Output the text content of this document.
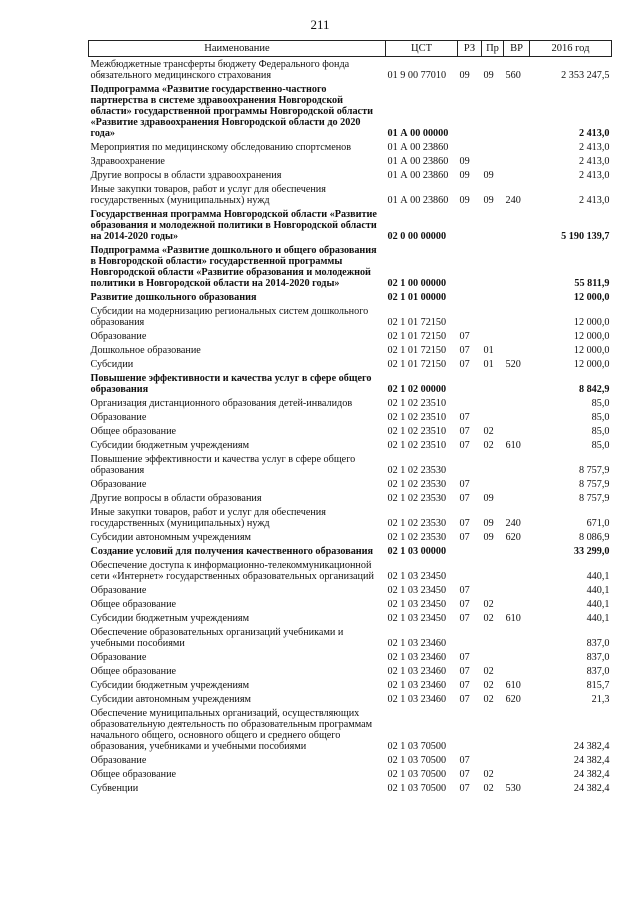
211
Наименование	ЦСТ	РЗ	Пр	ВР	2016 год
Межбюджетные трансферты бюджету Федерального фонда обязательного медицинского страхования	01 9 00 77010	09	09	560	2 353 247,5
Подпрограмма «Развитие государственно-частного партнерства в системе здравоохранения Новгородской области» государственной программы Новгородской области «Развитие здравоохранения Новгородской области до 2020 года»	01 А 00 00000				2 413,0
Мероприятия по медицинскому обследованию спортсменов	01 А 00 23860				2 413,0
Здравоохранение	01 А 00 23860	09			2 413,0
Другие вопросы в области здравоохранения	01 А 00 23860	09	09		2 413,0
Иные закупки товаров, работ и услуг для обеспечения государственных (муниципальных) нужд	01 А 00 23860	09	09	240	2 413,0
Государственная программа Новгородской области «Развитие образования и молодежной политики в Новгородской области на 2014-2020 годы»	02 0 00 00000				5 190 139,7
Подпрограмма «Развитие дошкольного и общего образования в Новгородской области» государственной программы Новгородской области «Развитие образования и молодежной политики в Новгородской области на 2014-2020 годы»	02 1 00 00000				55 811,9
Развитие дошкольного образования	02 1 01 00000				12 000,0
Субсидии на модернизацию региональных систем дошкольного образования	02 1 01 72150				12 000,0
Образование	02 1 01 72150	07			12 000,0
Дошкольное образование	02 1 01 72150	07	01		12 000,0
Субсидии	02 1 01 72150	07	01	520	12 000,0
Повышение эффективности и качества услуг в сфере общего образования	02 1 02 00000				8 842,9
Организация дистанционного образования детей-инвалидов	02 1 02 23510				85,0
Образование	02 1 02 23510	07			85,0
Общее образование	02 1 02 23510	07	02		85,0
Субсидии бюджетным учреждениям	02 1 02 23510	07	02	610	85,0
Повышение эффективности и качества услуг в сфере общего образования	02 1 02 23530				8 757,9
Образование	02 1 02 23530	07			8 757,9
Другие вопросы в области образования	02 1 02 23530	07	09		8 757,9
Иные закупки товаров, работ и услуг для обеспечения государственных (муниципальных) нужд	02 1 02 23530	07	09	240	671,0
Субсидии автономным учреждениям	02 1 02 23530	07	09	620	8 086,9
Создание условий для получения качественного образования	02 1 03 00000				33 299,0
Обеспечение доступа к информационно-телекоммуникационной сети «Интернет» государственных образовательных организаций	02 1 03 23450				440,1
Образование	02 1 03 23450	07			440,1
Общее образование	02 1 03 23450	07	02		440,1
Субсидии бюджетным учреждениям	02 1 03 23450	07	02	610	440,1
Обеспечение образовательных организаций учебниками и учебными пособиями	02 1 03 23460				837,0
Образование	02 1 03 23460	07			837,0
Общее образование	02 1 03 23460	07	02		837,0
Субсидии бюджетным учреждениям	02 1 03 23460	07	02	610	815,7
Субсидии автономным учреждениям	02 1 03 23460	07	02	620	21,3
Обеспечение муниципальных организаций, осуществляющих образовательную деятельность по образовательным программам начального общего, основного общего и среднего общего образования, учебниками и учебными пособиями	02 1 03 70500				24 382,4
Образование	02 1 03 70500	07			24 382,4
Общее образование	02 1 03 70500	07	02		24 382,4
Субвенции	02 1 03 70500	07	02	530	24 382,4
